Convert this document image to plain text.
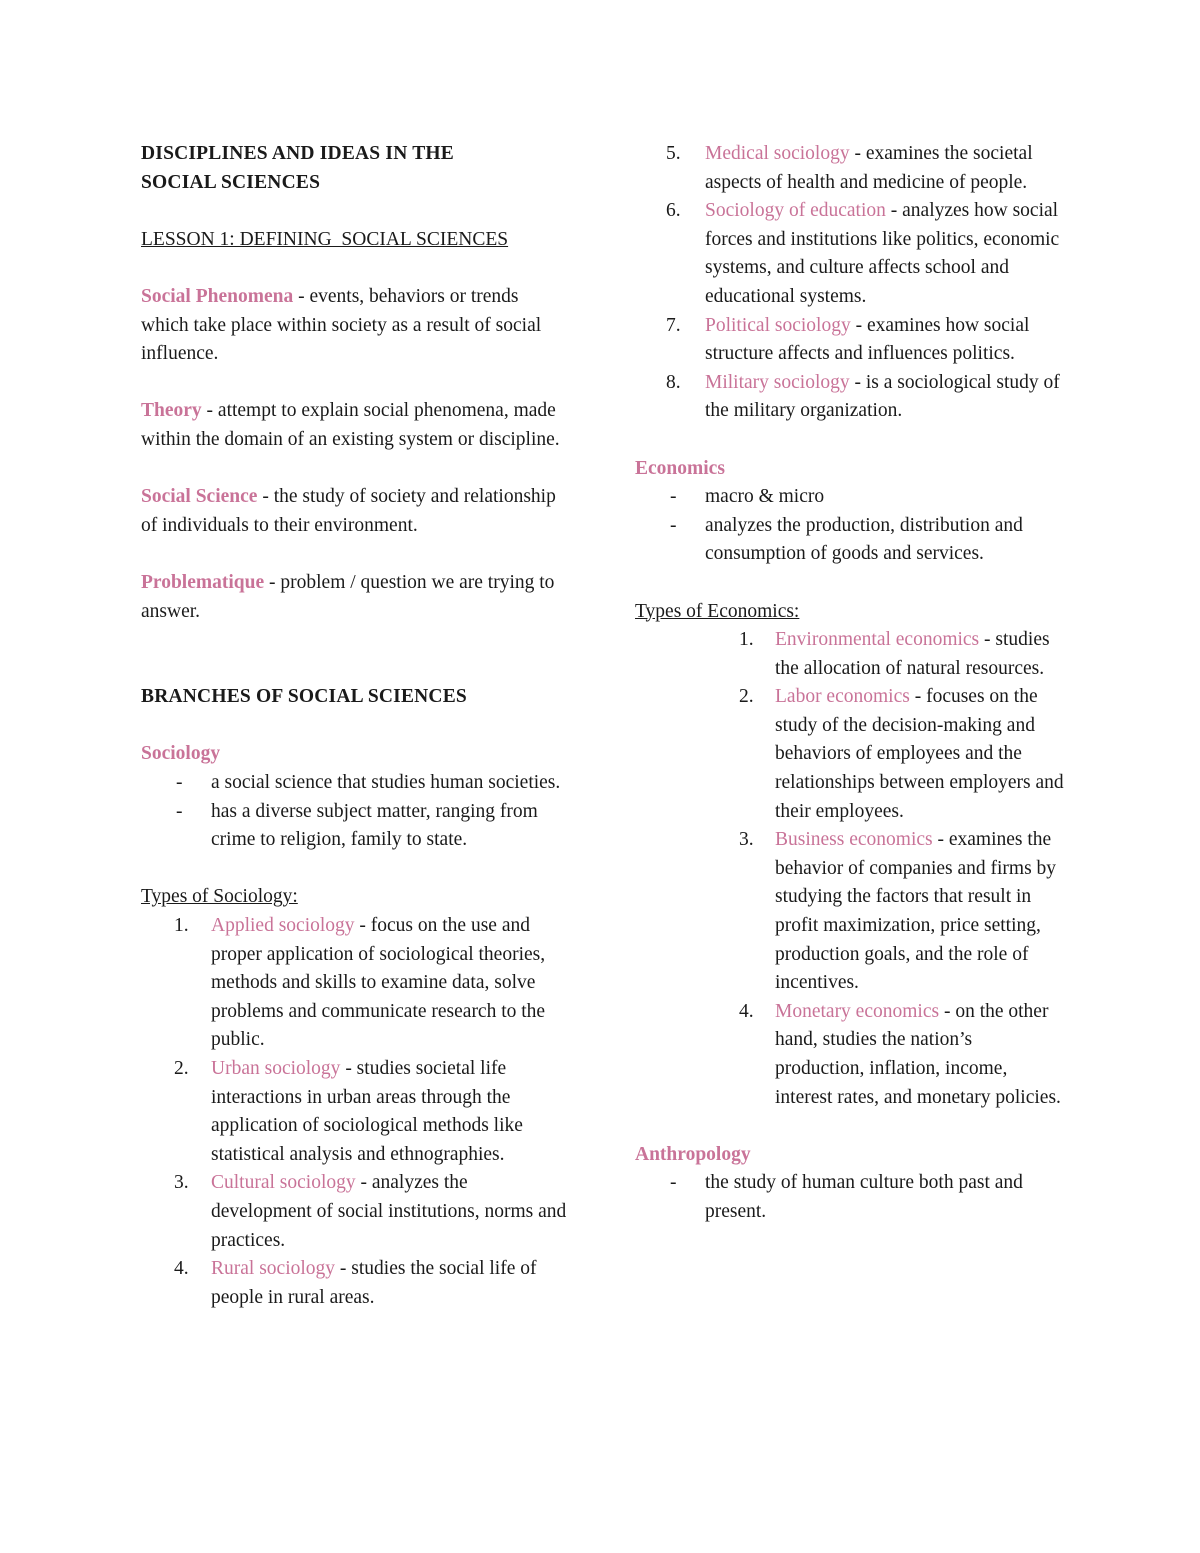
DISCIPLINES AND IDEAS IN THE
SOCIAL SCIENCES
LESSON 1: DEFINING  SOCIAL SCIENCES

Social Phenomena - events, behaviors or trends which take place within society as a result of social influence.

Theory - attempt to explain social phenomena, made within the domain of an existing system or discipline.

Social Science - the study of society and relationship of individuals to their environment.

Problematique - problem / question we are trying to answer.

BRANCHES OF SOCIAL SCIENCES
Sociology
- a social science that studies human societies.
- has a diverse subject matter, ranging from crime to religion, family to state.
Types of Sociology:
1. Applied sociology - focus on the use and proper application of sociological theories, methods and skills to examine data, solve problems and communicate research to the public.
2. Urban sociology - studies societal life interactions in urban areas through the application of sociological methods like statistical analysis and ethnographies.
3. Cultural sociology - analyzes the development of social institutions, norms and practices.
4. Rural sociology - studies the social life of people in rural areas.
5. Medical sociology - examines the societal aspects of health and medicine of people.
6. Sociology of education - analyzes how social forces and institutions like politics, economic systems, and culture affects school and educational systems.
7. Political sociology - examines how social structure affects and influences politics.
8. Military sociology - is a sociological study of the military organization.
Economics
- macro & micro
- analyzes the production, distribution and consumption of goods and services.
Types of Economics:
1. Environmental economics - studies the allocation of natural resources.
2. Labor economics - focuses on the study of the decision-making and behaviors of employees and the relationships between employers and their employees.
3. Business economics - examines the behavior of companies and firms by studying the factors that result in profit maximization, price setting, production goals, and the role of incentives.
4. Monetary economics - on the other hand, studies the nation’s production, inflation, income, interest rates, and monetary policies.
Anthropology
- the study of human culture both past and present.
